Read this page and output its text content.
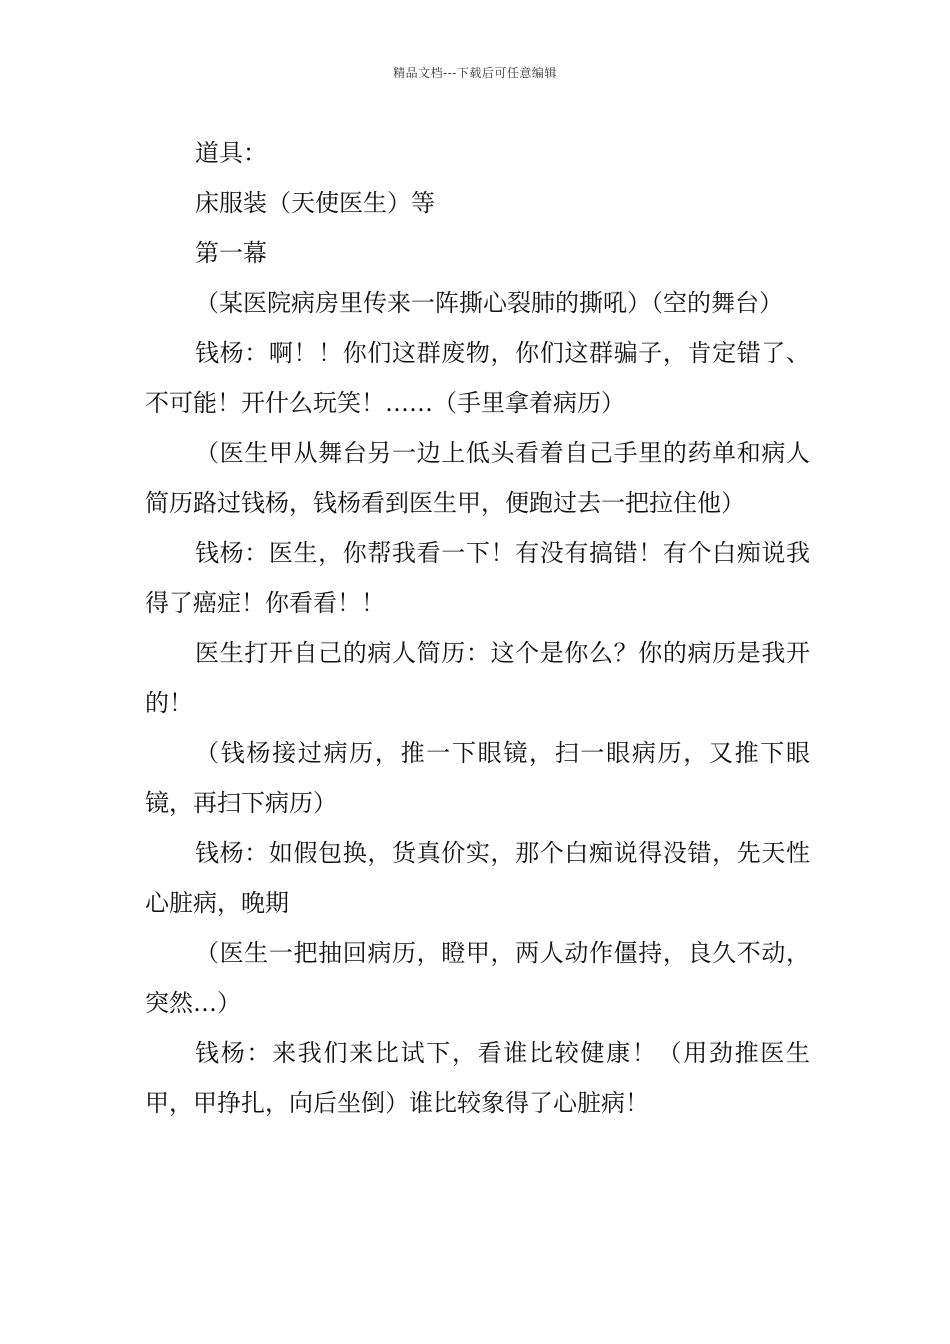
精品文档---下载后可任意编辑

道具：

床服装（天使医生）等

第一幕

（某医院病房里传来一阵撕心裂肺的撕吼）（空的舞台）

钱杨：啊！！你们这群废物，你们这群骗子，肯定错了、不可能！开什么玩笑！……（手里拿着病历）

（医生甲从舞台另一边上低头看着自己手里的药单和病人简历路过钱杨，钱杨看到医生甲，便跑过去一把拉住他）

钱杨：医生，你帮我看一下！有没有搞错！有个白痴说我得了癌症！你看看！！

医生打开自己的病人简历：这个是你么？你的病历是我开的！

（钱杨接过病历，推一下眼镜，扫一眼病历，又推下眼镜，再扫下病历）

钱杨：如假包换，货真价实，那个白痴说得没错，先天性心脏病，晚期

（医生一把抽回病历，瞪甲，两人动作僵持，良久不动，突然…）

钱杨：来我们来比试下，看谁比较健康！（用劲推医生甲，甲挣扎，向后坐倒）谁比较象得了心脏病！
